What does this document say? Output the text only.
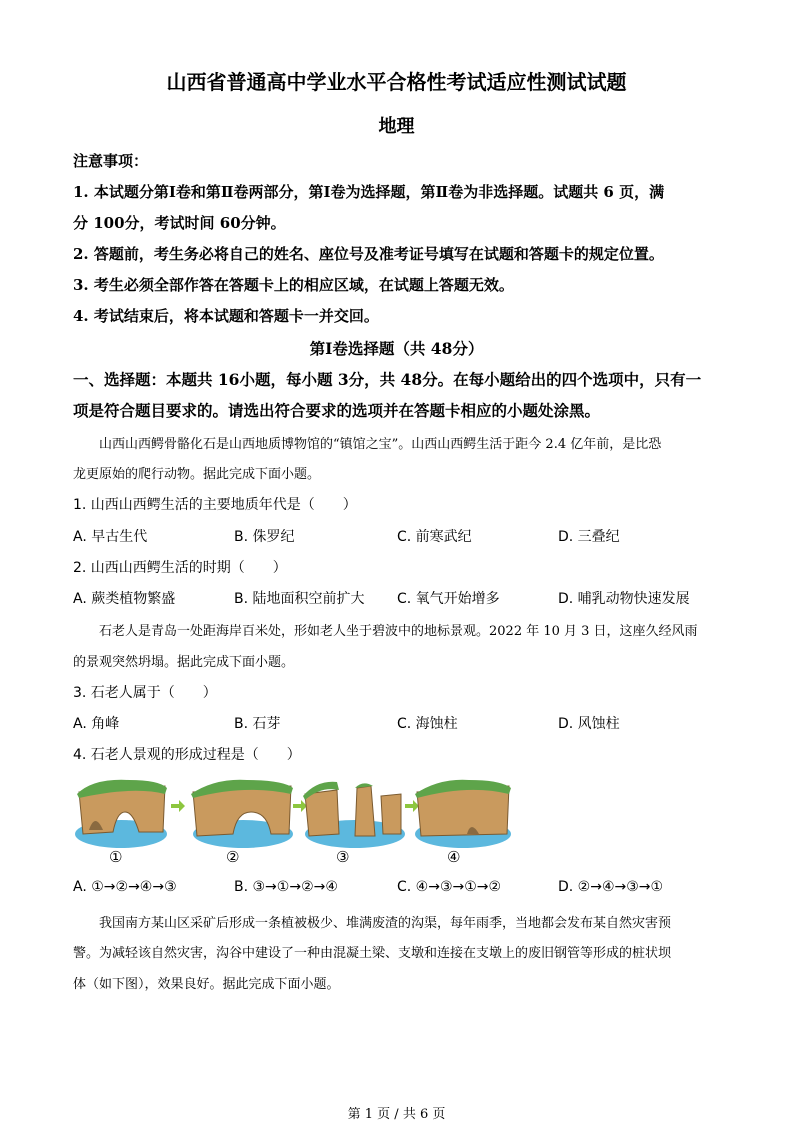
山西省普通高中学业水平合格性考试适应性测试试题
地理
注意事项：
1. 本试题分第Ⅰ卷和第Ⅱ卷两部分，第Ⅰ卷为选择题，第Ⅱ卷为非选择题。试题共 6 页，满
分 100分，考试时间 60分钟。
2. 答题前，考生务必将自己的姓名、座位号及准考证号填写在试题和答题卡的规定位置。
3. 考生必须全部作答在答题卡上的相应区域，在试题上答题无效。
4. 考试结束后，将本试题和答题卡一并交回。
第Ⅰ卷选择题（共 48分）
一、选择题：本题共 16小题，每小题 3分，共 48分。在每小题给出的四个选项中，只有一
项是符合题目要求的。请选出符合要求的选项并在答题卡相应的小题处涂黑。
山西山西鳄骨骼化石是山西地质博物馆的“镇馆之宝”。山西山西鳄生活于距今 2.4 亿年前，是比恐
龙更原始的爬行动物。据此完成下面小题。
1. 山西山西鳄生活的主要地质年代是（　　）
A. 早古生代	B. 侏罗纪	C. 前寒武纪	D. 三叠纪
2. 山西山西鳄生活的时期（　　）
A. 蕨类植物繁盛	B. 陆地面积空前扩大 C. 氧气开始增多	D. 哺乳动物快速发展
石老人是青岛一处距海岸百米处，形如老人坐于碧波中的地标景观。2022 年 10 月 3 日，这座久经风雨
的景观突然坍塌。据此完成下面小题。
3. 石老人属于（　　）
A. 角峰	B. 石芽	C. 海蚀柱	D. 风蚀柱
4. 石老人景观的形成过程是（　　）
①	②	③	④
A. ①→②→④→③	B. ③→①→②→④	C. ④→③→①→②	D. ②→④→③→①
我国南方某山区采矿后形成一条植被极少、堆满废渣的沟渠，每年雨季，当地都会发布某自然灾害预
警。为减轻该自然灾害，沟谷中建设了一种由混凝土梁、支墩和连接在支墩上的废旧钢管等形成的桩状坝
体（如下图），效果良好。据此完成下面小题。
第 1 页 / 共 6 页
